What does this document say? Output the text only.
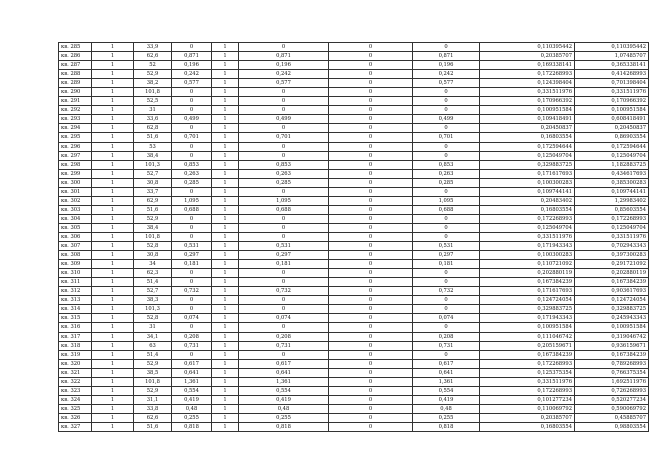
кв. 285	1	33,9	0	1	0	0	0	0,110395442	0,110395442
кв. 286	1	62,6	0,871	1	0,871	0	0,871	0,20385707	1,07485707
кв. 287	1	52	0,196	1	0,196	0	0,196	0,169338141	0,365338141
кв. 288	1	52,9	0,242	1	0,242	0	0,242	0,172268993	0,414268993
кв. 289	1	38,2	0,577	1	0,577	0	0,577	0,124398404	0,701398404
кв. 290	1	101,8	0	1	0	0	0	0,331511976	0,331511976
кв. 291	1	52,5	0	1	0	0	0	0,170966392	0,170966392
кв. 292	1	31	0	1	0	0	0	0,100951584	0,100951584
кв. 293	1	33,6	0,499	1	0,499	0	0,499	0,109418491	0,608418491
кв. 294	1	62,8	0	1	0	0	0	0,20450837	0,20450837
кв. 295	1	51,6	0,701	1	0,701	0	0,701	0,16803554	0,86903554
кв. 296	1	53	0	1	0	0	0	0,172594644	0,172594644
кв. 297	1	38,4	0	1	0	0	0	0,125049704	0,125049704
кв. 298	1	101,3	0,853	1	0,853	0	0,853	0,329883725	1,182883725
кв. 299	1	52,7	0,263	1	0,263	0	0,263	0,171617693	0,434617693
кв. 300	1	30,8	0,285	1	0,285	0	0,285	0,100300283	0,385300283
кв. 301	1	33,7	0	1	0	0	0	0,109744141	0,109744141
кв. 302	1	62,9	1,095	1	1,095	0	1,095	0,20483402	1,29983402
кв. 303	1	51,6	0,688	1	0,688	0	0,688	0,16803554	0,85603554
кв. 304	1	52,9	0	1	0	0	0	0,172268993	0,172268993
кв. 305	1	38,4	0	1	0	0	0	0,125049704	0,125049704
кв. 306	1	101,8	0	1	0	0	0	0,331511976	0,331511976
кв. 307	1	52,8	0,531	1	0,531	0	0,531	0,171943343	0,702943343
кв. 308	1	30,8	0,297	1	0,297	0	0,297	0,100300283	0,397300283
кв. 309	1	34	0,181	1	0,181	0	0,181	0,110721092	0,291721092
кв. 310	1	62,3	0	1	0	0	0	0,202880119	0,202880119
кв. 311	1	51,4	0	1	0	0	0	0,167384239	0,167384239
кв. 312	1	52,7	0,732	1	0,732	0	0,732	0,171617693	0,903617693
кв. 313	1	38,3	0	1	0	0	0	0,124724054	0,124724054
кв. 314	1	101,3	0	1	0	0	0	0,329883725	0,329883725
кв. 315	1	52,8	0,074	1	0,074	0	0,074	0,171943343	0,245943343
кв. 316	1	31	0	1	0	0	0	0,100951584	0,100951584
кв. 317	1	34,1	0,208	1	0,208	0	0,208	0,111046742	0,319046742
кв. 318	1	63	0,731	1	0,731	0	0,731	0,205159671	0,936159671
кв. 319	1	51,4	0	1	0	0	0	0,167384239	0,167384239
кв. 320	1	52,9	0,617	1	0,617	0	0,617	0,172268993	0,789268993
кв. 321	1	38,5	0,641	1	0,641	0	0,641	0,125375354	0,766375354
кв. 322	1	101,8	1,361	1	1,361	0	1,361	0,331511976	1,692511976
кв. 323	1	52,9	0,554	1	0,554	0	0,554	0,172268993	0,726268993
кв. 324	1	31,1	0,419	1	0,419	0	0,419	0,101277234	0,520277234
кв. 325	1	33,8	0,48	1	0,48	0	0,48	0,110069792	0,590069792
кв. 326	1	62,6	0,255	1	0,255	0	0,255	0,20385707	0,45885707
кв. 327	1	51,6	0,818	1	0,818	0	0,818	0,16803554	0,98803554
